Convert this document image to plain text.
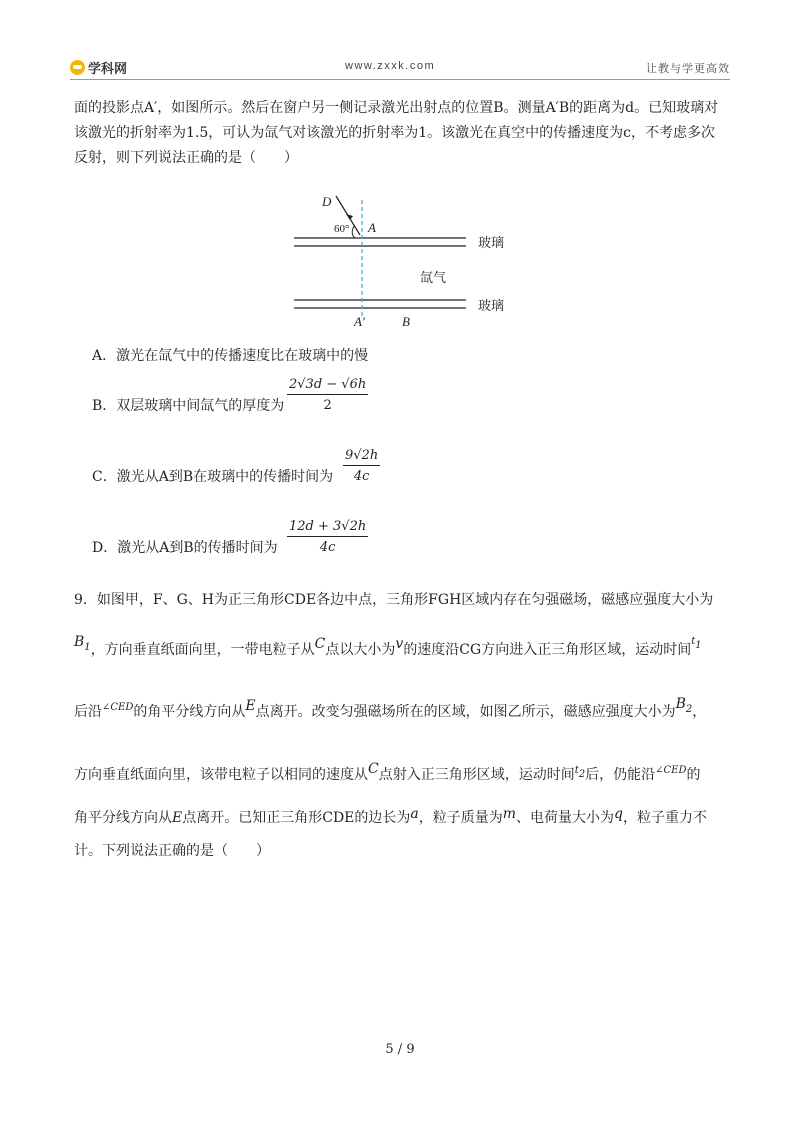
学科网	www.zxxk.com	让教与学更高效
面的投影点A′，如图所示。然后在窗户另一侧记录激光出射点的位置B。测量A′B的距离为d。已知玻璃对
该激光的折射率为1.5，可认为氙气对该激光的折射率为1。该激光在真空中的传播速度为c，不考虑多次
反射，则下列说法正确的是（　　）
D
60° A
玻璃
氙气
玻璃
A′	B
A．激光在氙气中的传播速度比在玻璃中的慢
B．双层玻璃中间氙气的厚度为 $\frac{2√3d - √6h}{2}$
C．激光从A到B在玻璃中的传播时间为 $\frac{9√2h}{4c}$
D．激光从A到B的传播时间为 $\frac{12d + 3√2h}{4c}$
9．如图甲，F、G、H为正三角形CDE各边中点，三角形FGH区域内存在匀强磁场，磁感应强度大小为
$B_1$，方向垂直纸面向里，一带电粒子从C点以大小为v的速度沿CG方向进入正三角形区域，运动时间$t_1$
后沿$^{\angle CED}$的角平分线方向从E点离开。改变匀强磁场所在的区域，如图乙所示，磁感应强度大小为$B_2$，
方向垂直纸面向里，该带电粒子以相同的速度从C点射入正三角形区域，运动时间$t_2$后，仍能沿$^{\angle CED}$的
角平分线方向从E点离开。已知正三角形CDE的边长为a，粒子质量为m、电荷量大小为q，粒子重力不
计。下列说法正确的是（　　）
5 / 9
